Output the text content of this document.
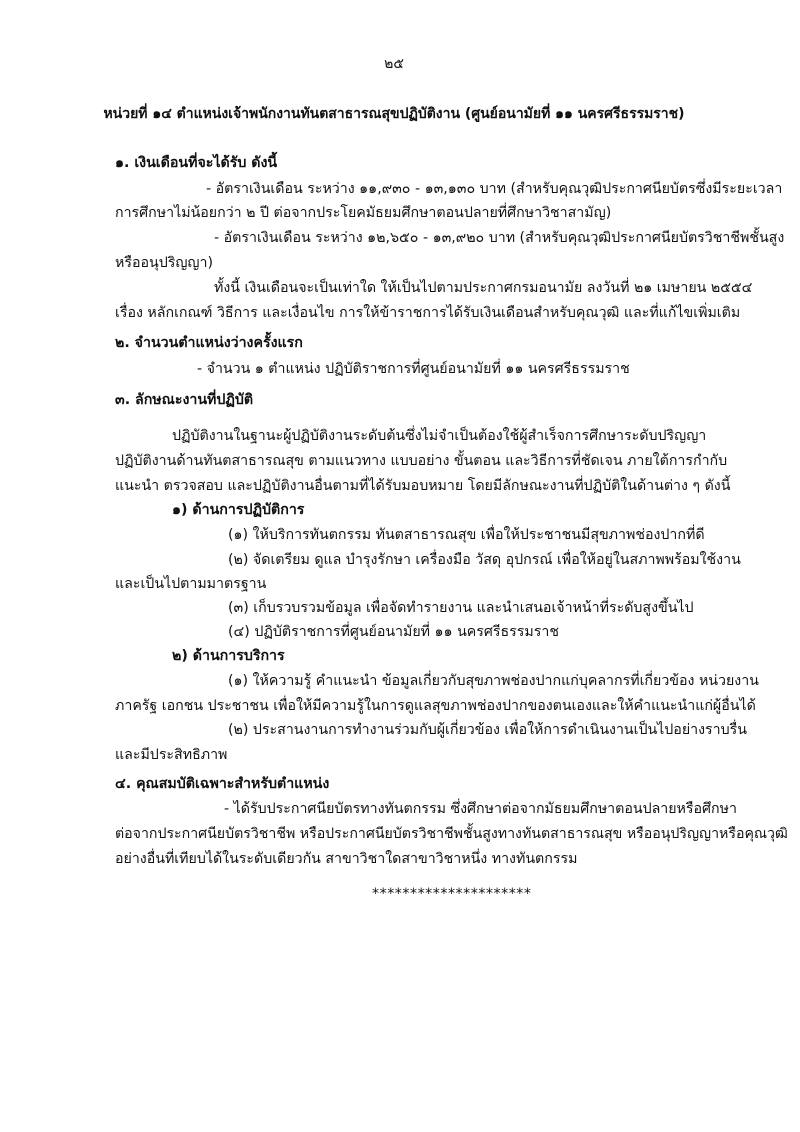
๒๕
หน่วยที่ ๑๔ ตำแหน่งเจ้าพนักงานทันตสาธารณสุขปฏิบัติงาน (ศูนย์อนามัยที่ ๑๑ นครศรีธรรมราช)
๑. เงินเดือนที่จะได้รับ ดังนี้
- อัตราเงินเดือน ระหว่าง ๑๑,๙๓๐ - ๑๓,๑๓๐ บาท (สำหรับคุณวุฒิประกาศนียบัตรซึ่งมีระยะเวลา
การศึกษาไม่น้อยกว่า ๒ ปี ต่อจากประโยคมัธยมศึกษาตอนปลายที่ศึกษาวิชาสามัญ)
- อัตราเงินเดือน ระหว่าง ๑๒,๖๕๐ - ๑๓,๙๒๐ บาท (สำหรับคุณวุฒิประกาศนียบัตรวิชาชีพชั้นสูง
หรืออนุปริญญา)
ทั้งนี้ เงินเดือนจะเป็นเท่าใด ให้เป็นไปตามประกาศกรมอนามัย ลงวันที่ ๒๑ เมษายน ๒๕๕๔
เรื่อง หลักเกณฑ์ วิธีการ และเงื่อนไข การให้ข้าราชการได้รับเงินเดือนสำหรับคุณวุฒิ และที่แก้ไขเพิ่มเติม
๒. จำนวนตำแหน่งว่างครั้งแรก
- จำนวน ๑ ตำแหน่ง ปฏิบัติราชการที่ศูนย์อนามัยที่ ๑๑ นครศรีธรรมราช
๓. ลักษณะงานที่ปฏิบัติ
ปฏิบัติงานในฐานะผู้ปฏิบัติงานระดับต้นซึ่งไม่จำเป็นต้องใช้ผู้สำเร็จการศึกษาระดับปริญญา
ปฏิบัติงานด้านทันตสาธารณสุข ตามแนวทาง แบบอย่าง ขั้นตอน และวิธีการที่ชัดเจน ภายใต้การกำกับ
แนะนำ ตรวจสอบ และปฏิบัติงานอื่นตามที่ได้รับมอบหมาย โดยมีลักษณะงานที่ปฏิบัติในด้านต่าง ๆ ดังนี้
๑) ด้านการปฏิบัติการ
(๑) ให้บริการทันตกรรม ทันตสาธารณสุข เพื่อให้ประชาชนมีสุขภาพช่องปากที่ดี
(๒) จัดเตรียม ดูแล บำรุงรักษา เครื่องมือ วัสดุ อุปกรณ์ เพื่อให้อยู่ในสภาพพร้อมใช้งาน
และเป็นไปตามมาตรฐาน
(๓) เก็บรวบรวมข้อมูล เพื่อจัดทำรายงาน และนำเสนอเจ้าหน้าที่ระดับสูงขึ้นไป
(๔) ปฏิบัติราชการที่ศูนย์อนามัยที่ ๑๑ นครศรีธรรมราช
๒) ด้านการบริการ
(๑) ให้ความรู้ คำแนะนำ ข้อมูลเกี่ยวกับสุขภาพช่องปากแก่บุคลากรที่เกี่ยวข้อง หน่วยงาน
ภาครัฐ เอกชน ประชาชน เพื่อให้มีความรู้ในการดูแลสุขภาพช่องปากของตนเองและให้คำแนะนำแก่ผู้อื่นได้
(๒) ประสานงานการทำงานร่วมกับผู้เกี่ยวข้อง เพื่อให้การดำเนินงานเป็นไปอย่างราบรื่น
และมีประสิทธิภาพ
๔. คุณสมบัติเฉพาะสำหรับตำแหน่ง
- ได้รับประกาศนียบัตรทางทันตกรรม ซึ่งศึกษาต่อจากมัธยมศึกษาตอนปลายหรือศึกษา
ต่อจากประกาศนียบัตรวิชาชีพ หรือประกาศนียบัตรวิชาชีพชั้นสูงทางทันตสาธารณสุข หรืออนุปริญญาหรือคุณวุฒิ
อย่างอื่นที่เทียบได้ในระดับเดียวกัน สาขาวิชาใดสาขาวิชาหนึ่ง ทางทันตกรรม
*********************
